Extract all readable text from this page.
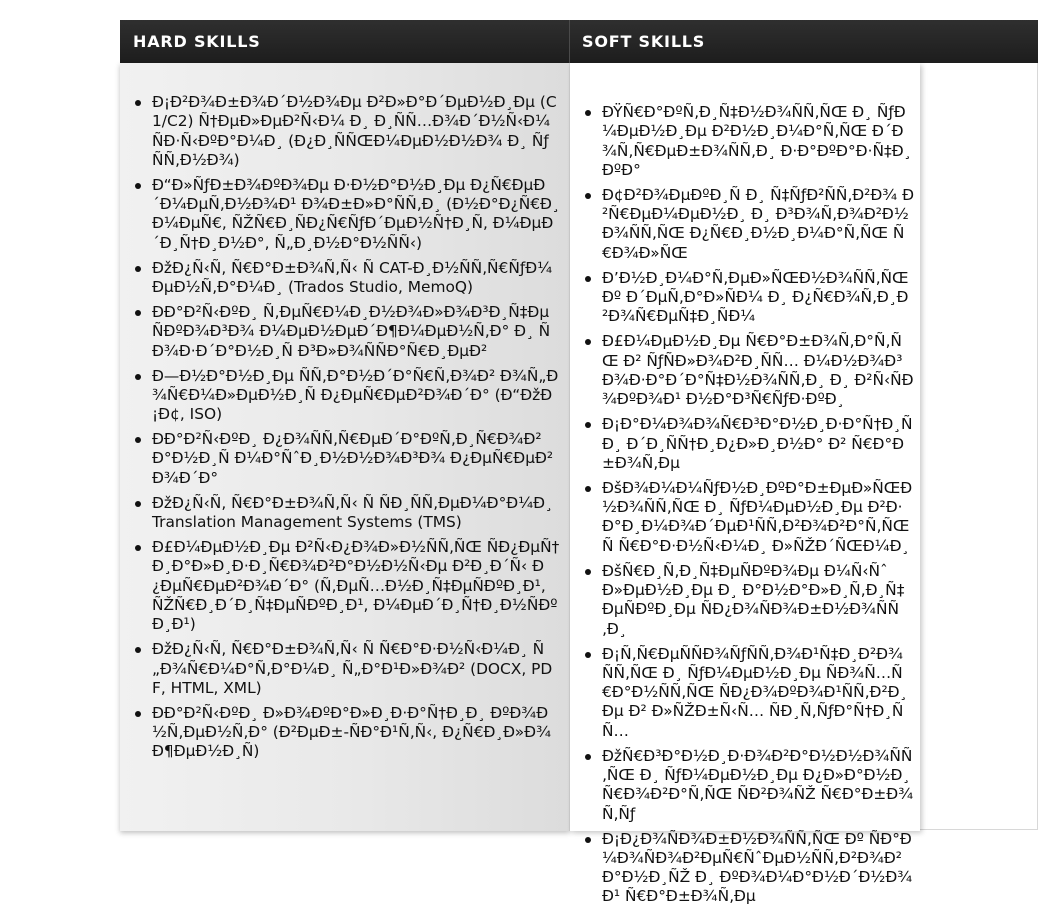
HARD SKILLS	SOFT SKILLS
Ð¡Ð²Ð¾Ð±Ð¾Ð´Ð½Ð¾Ðµ Ð²Ð»Ð°Ð´ÐµÐ½Ð¸Ðµ (C1/C2) Ñ†ÐµÐ»ÐµÐ²Ñ‹Ð¼ Ð¸ Ð¸ÑÑ…Ð¾Ð´Ð½Ñ‹Ð¼ ÑÐ·Ñ‹ÐºÐ°Ð¼Ð¸ (Ð¿Ð¸ÑÑŒÐ¼ÐµÐ½Ð½Ð¾ Ð¸ ÑƒÑÑ‚Ð½Ð¾)
Ð“Ð»ÑƒÐ±Ð¾ÐºÐ¾Ðµ Ð·Ð½Ð°Ð½Ð¸Ðµ Ð¿Ñ€ÐµÐ´Ð¼ÐµÑ‚Ð½Ð¾Ð¹ Ð¾Ð±Ð»Ð°ÑÑ‚Ð¸ (Ð½Ð°Ð¿Ñ€Ð¸Ð¼ÐµÑ€, ÑŽÑ€Ð¸ÑÐ¿Ñ€ÑƒÐ´ÐµÐ½Ñ†Ð¸Ñ, Ð¼ÐµÐ´Ð¸Ñ†Ð¸Ð½Ð°, Ñ„Ð¸Ð½Ð°Ð½ÑÑ‹)
ÐžÐ¿Ñ‹Ñ‚ Ñ€Ð°Ð±Ð¾Ñ‚Ñ‹ Ñ CAT-Ð¸Ð½ÑÑ‚Ñ€ÑƒÐ¼ÐµÐ½Ñ‚Ð°Ð¼Ð¸ (Trados Studio, MemoQ)
ÐÐ°Ð²Ñ‹ÐºÐ¸ Ñ‚ÐµÑ€Ð¼Ð¸Ð½Ð¾Ð»Ð¾Ð³Ð¸Ñ‡ÐµÑÐºÐ¾Ð³Ð¾ Ð¼ÐµÐ½ÐµÐ´Ð¶Ð¼ÐµÐ½Ñ‚Ð° Ð¸ ÑÐ¾Ð·Ð´Ð°Ð½Ð¸Ñ Ð³Ð»Ð¾ÑÑÐ°Ñ€Ð¸ÐµÐ²
Ð—Ð½Ð°Ð½Ð¸Ðµ ÑÑ‚Ð°Ð½Ð´Ð°Ñ€Ñ‚Ð¾Ð² Ð¾Ñ„Ð¾Ñ€Ð¼Ð»ÐµÐ½Ð¸Ñ Ð¿ÐµÑ€ÐµÐ²Ð¾Ð´Ð° (Ð“ÐžÐ¡Ð¢, ISO)
ÐÐ°Ð²Ñ‹ÐºÐ¸ Ð¿Ð¾ÑÑ‚Ñ€ÐµÐ´Ð°ÐºÑ‚Ð¸Ñ€Ð¾Ð²Ð°Ð½Ð¸Ñ Ð¼Ð°ÑˆÐ¸Ð½Ð½Ð¾Ð³Ð¾ Ð¿ÐµÑ€ÐµÐ²Ð¾Ð´Ð°
ÐžÐ¿Ñ‹Ñ‚ Ñ€Ð°Ð±Ð¾Ñ‚Ñ‹ Ñ ÑÐ¸ÑÑ‚ÐµÐ¼Ð°Ð¼Ð¸ Translation Management Systems (TMS)
Ð£Ð¼ÐµÐ½Ð¸Ðµ Ð²Ñ‹Ð¿Ð¾Ð»Ð½ÑÑ‚ÑŒ ÑÐ¿ÐµÑ†Ð¸Ð°Ð»Ð¸Ð·Ð¸Ñ€Ð¾Ð²Ð°Ð½Ð½Ñ‹Ðµ Ð²Ð¸Ð´Ñ‹ Ð¿ÐµÑ€ÐµÐ²Ð¾Ð´Ð° (Ñ‚ÐµÑ…Ð½Ð¸Ñ‡ÐµÑÐºÐ¸Ð¹, ÑŽÑ€Ð¸Ð´Ð¸Ñ‡ÐµÑÐºÐ¸Ð¹, Ð¼ÐµÐ´Ð¸Ñ†Ð¸Ð½ÑÐºÐ¸Ð¹)
ÐžÐ¿Ñ‹Ñ‚ Ñ€Ð°Ð±Ð¾Ñ‚Ñ‹ Ñ Ñ€Ð°Ð·Ð½Ñ‹Ð¼Ð¸ Ñ„Ð¾Ñ€Ð¼Ð°Ñ‚Ð°Ð¼Ð¸ Ñ„Ð°Ð¹Ð»Ð¾Ð² (DOCX, PDF, HTML, XML)
ÐÐ°Ð²Ñ‹ÐºÐ¸ Ð»Ð¾ÐºÐ°Ð»Ð¸Ð·Ð°Ñ†Ð¸Ð¸ ÐºÐ¾Ð½Ñ‚ÐµÐ½Ñ‚Ð° (Ð²ÐµÐ±-ÑÐ°Ð¹Ñ‚Ñ‹, Ð¿Ñ€Ð¸Ð»Ð¾Ð¶ÐµÐ½Ð¸Ñ)
ÐŸÑ€Ð°ÐºÑ‚Ð¸Ñ‡Ð½Ð¾ÑÑ‚ÑŒ Ð¸ ÑƒÐ¼ÐµÐ½Ð¸Ðµ Ð²Ð½Ð¸Ð¼Ð°Ñ‚ÑŒ Ð´Ð¾Ñ‚Ñ€ÐµÐ±Ð¾ÑÑ‚Ð¸ Ð·Ð°ÐºÐ°Ð·Ñ‡Ð¸ÐºÐ°
Ð¢Ð²Ð¾ÐµÐºÐ¸Ñ Ð¸ Ñ‡ÑƒÐ²ÑÑ‚Ð²Ð¾ Ð²Ñ€ÐµÐ¼ÐµÐ½Ð¸ Ð¸ Ð³Ð¾Ñ‚Ð¾Ð²Ð½Ð¾ÑÑ‚ÑŒ Ð¿Ñ€Ð¸Ð½Ð¸Ð¼Ð°Ñ‚ÑŒ Ñ€Ð¾Ð»ÑŒ
Ð’Ð½Ð¸Ð¼Ð°Ñ‚ÐµÐ»ÑŒÐ½Ð¾ÑÑ‚ÑŒ Ðº Ð´ÐµÑ‚Ð°Ð»ÑÐ¼ Ð¸ Ð¿Ñ€Ð¾Ñ‚Ð¸Ð²Ð¾Ñ€ÐµÑ‡Ð¸ÑÐ¼
Ð£Ð¼ÐµÐ½Ð¸Ðµ Ñ€Ð°Ð±Ð¾Ñ‚Ð°Ñ‚ÑŒ Ð² ÑƒÑÐ»Ð¾Ð²Ð¸ÑÑ… Ð¼Ð½Ð¾Ð³Ð¾Ð·Ð°Ð´Ð°Ñ‡Ð½Ð¾ÑÑ‚Ð¸ Ð¸ Ð²Ñ‹ÑÐ¾ÐºÐ¾Ð¹ Ð½Ð°Ð³Ñ€ÑƒÐ·ÐºÐ¸
Ð¡Ð°Ð¼Ð¾Ð¾Ñ€Ð³Ð°Ð½Ð¸Ð·Ð°Ñ†Ð¸Ñ Ð¸ Ð´Ð¸ÑÑ†Ð¸Ð¿Ð»Ð¸Ð½Ð° Ð² Ñ€Ð°Ð±Ð¾Ñ‚Ðµ
ÐšÐ¾Ð¼Ð¼ÑƒÐ½Ð¸ÐºÐ°Ð±ÐµÐ»ÑŒÐ½Ð¾ÑÑ‚ÑŒ Ð¸ ÑƒÐ¼ÐµÐ½Ð¸Ðµ Ð²Ð·Ð°Ð¸Ð¼Ð¾Ð´ÐµÐ¹ÑÑ‚Ð²Ð¾Ð²Ð°Ñ‚ÑŒ Ñ Ñ€Ð°Ð·Ð½Ñ‹Ð¼Ð¸ Ð»ÑŽÐ´ÑŒÐ¼Ð¸
ÐšÑ€Ð¸Ñ‚Ð¸Ñ‡ÐµÑÐºÐ¾Ðµ Ð¼Ñ‹ÑˆÐ»ÐµÐ½Ð¸Ðµ Ð¸ Ð°Ð½Ð°Ð»Ð¸Ñ‚Ð¸Ñ‡ÐµÑÐºÐ¸Ðµ ÑÐ¿Ð¾ÑÐ¾Ð±Ð½Ð¾ÑÑ‚Ð¸
Ð¡Ñ‚Ñ€ÐµÑÑÐ¾ÑƒÑÑ‚Ð¾Ð¹Ñ‡Ð¸Ð²Ð¾ÑÑ‚ÑŒ Ð¸ ÑƒÐ¼ÐµÐ½Ð¸Ðµ ÑÐ¾Ñ…Ñ€Ð°Ð½ÑÑ‚ÑŒ ÑÐ¿Ð¾ÐºÐ¾Ð¹ÑÑ‚Ð²Ð¸Ðµ Ð² Ð»ÑŽÐ±Ñ‹Ñ… ÑÐ¸Ñ‚ÑƒÐ°Ñ†Ð¸ÑÑ…
ÐžÑ€Ð³Ð°Ð½Ð¸Ð·Ð¾Ð²Ð°Ð½Ð½Ð¾ÑÑ‚ÑŒ Ð¸ ÑƒÐ¼ÐµÐ½Ð¸Ðµ Ð¿Ð»Ð°Ð½Ð¸Ñ€Ð¾Ð²Ð°Ñ‚ÑŒ ÑÐ²Ð¾ÑŽ Ñ€Ð°Ð±Ð¾Ñ‚Ñƒ
Ð¡Ð¿Ð¾ÑÐ¾Ð±Ð½Ð¾ÑÑ‚ÑŒ Ðº ÑÐ°Ð¼Ð¾ÑÐ¾Ð²ÐµÑ€ÑˆÐµÐ½ÑÑ‚Ð²Ð¾Ð²Ð°Ð½Ð¸ÑŽ Ð¸ ÐºÐ¾Ð¼Ð°Ð½Ð´Ð½Ð¾Ð¹ Ñ€Ð°Ð±Ð¾Ñ‚Ðµ
